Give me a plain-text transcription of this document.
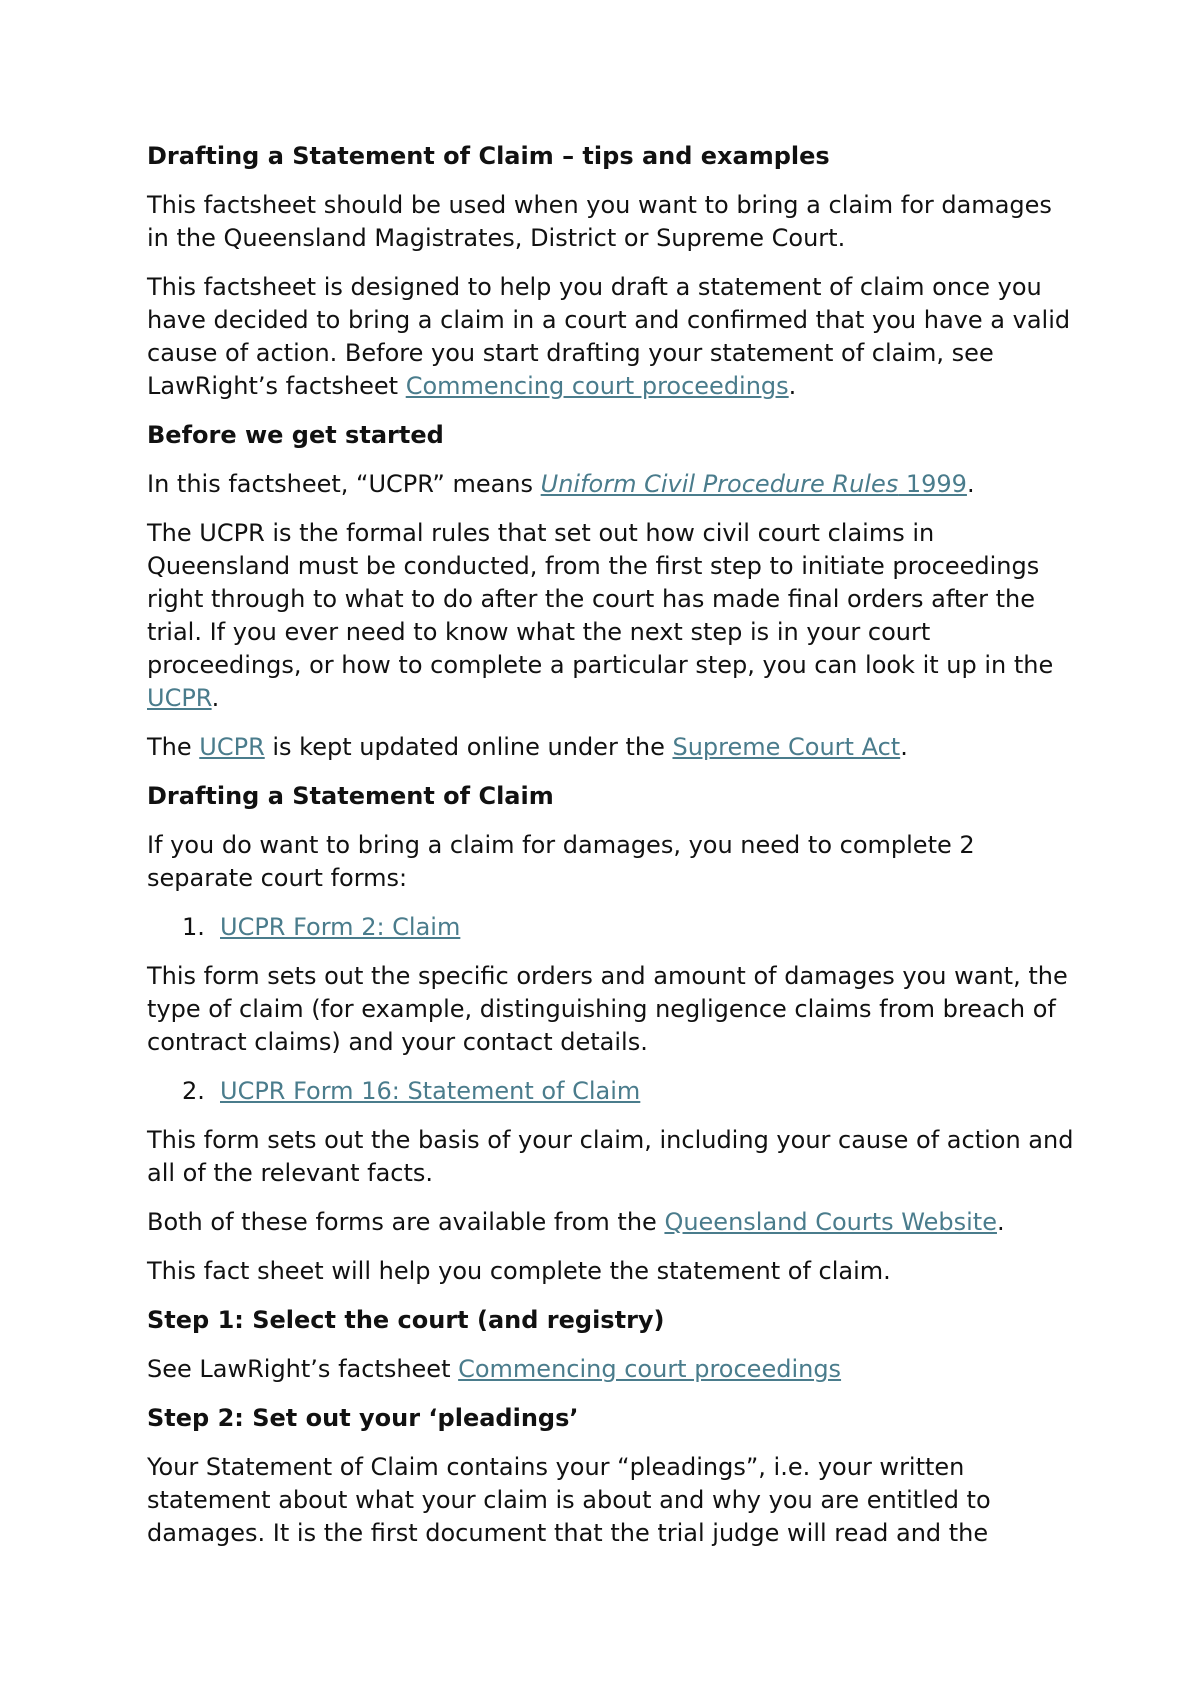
Drafting a Statement of Claim – tips and examples

This factsheet should be used when you want to bring a claim for damages in the Queensland Magistrates, District or Supreme Court.

This factsheet is designed to help you draft a statement of claim once you have decided to bring a claim in a court and confirmed that you have a valid cause of action. Before you start drafting your statement of claim, see LawRight’s factsheet Commencing court proceedings.

Before we get started

In this factsheet, “UCPR” means Uniform Civil Procedure Rules 1999.

The UCPR is the formal rules that set out how civil court claims in Queensland must be conducted, from the first step to initiate proceedings right through to what to do after the court has made final orders after the trial. If you ever need to know what the next step is in your court proceedings, or how to complete a particular step, you can look it up in the UCPR.

The UCPR is kept updated online under the Supreme Court Act.

Drafting a Statement of Claim

If you do want to bring a claim for damages, you need to complete 2 separate court forms:

1. UCPR Form 2: Claim

This form sets out the specific orders and amount of damages you want, the type of claim (for example, distinguishing negligence claims from breach of contract claims) and your contact details.

2. UCPR Form 16: Statement of Claim

This form sets out the basis of your claim, including your cause of action and all of the relevant facts.

Both of these forms are available from the Queensland Courts Website.

This fact sheet will help you complete the statement of claim.

Step 1: Select the court (and registry)

See LawRight’s factsheet Commencing court proceedings

Step 2: Set out your ‘pleadings’

Your Statement of Claim contains your “pleadings”, i.e. your written statement about what your claim is about and why you are entitled to damages. It is the first document that the trial judge will read and the
